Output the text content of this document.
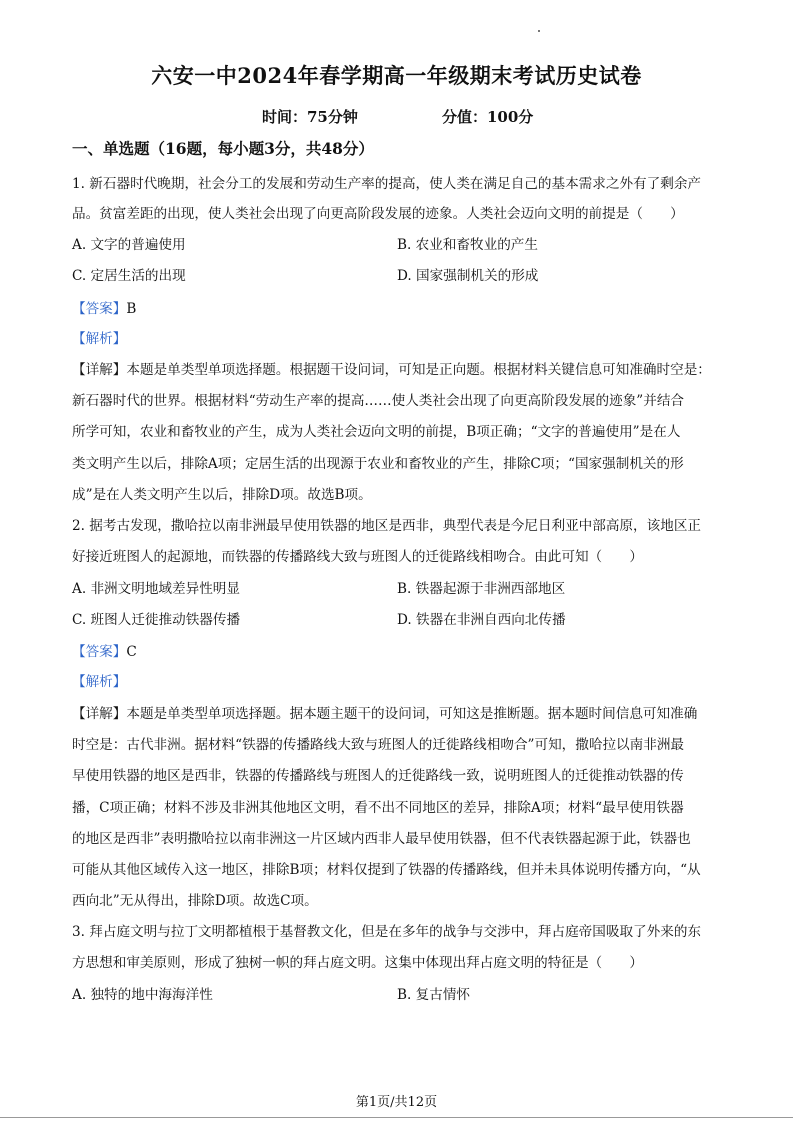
六安一中2024年春学期高一年级期末考试历史试卷
时间：75分钟	分值：100分
一、单选题（16题，每小题3分，共48分）
1. 新石器时代晚期，社会分工的发展和劳动生产率的提高，使人类在满足自己的基本需求之外有了剩余产
品。贫富差距的出现，使人类社会出现了向更高阶段发展的迹象。人类社会迈向文明的前提是（　　）
A. 文字的普遍使用	B. 农业和畜牧业的产生
C. 定居生活的出现	D. 国家强制机关的形成
【答案】B
【解析】
【详解】本题是单类型单项选择题。根据题干设问词，可知是正向题。根据材料关键信息可知准确时空是：
新石器时代的世界。根据材料“劳动生产率的提高……使人类社会出现了向更高阶段发展的迹象”并结合
所学可知，农业和畜牧业的产生，成为人类社会迈向文明的前提，B项正确；“文字的普遍使用”是在人
类文明产生以后，排除A项；定居生活的出现源于农业和畜牧业的产生，排除C项；“国家强制机关的形
成”是在人类文明产生以后，排除D项。故选B项。
2. 据考古发现，撒哈拉以南非洲最早使用铁器的地区是西非，典型代表是今尼日利亚中部高原，该地区正
好接近班图人的起源地，而铁器的传播路线大致与班图人的迁徙路线相吻合。由此可知（　　）
A. 非洲文明地域差异性明显	B. 铁器起源于非洲西部地区
C. 班图人迁徙推动铁器传播	D. 铁器在非洲自西向北传播
【答案】C
【解析】
【详解】本题是单类型单项选择题。据本题主题干的设问词，可知这是推断题。据本题时间信息可知准确
时空是：古代非洲。据材料“铁器的传播路线大致与班图人的迁徙路线相吻合”可知，撒哈拉以南非洲最
早使用铁器的地区是西非，铁器的传播路线与班图人的迁徙路线一致，说明班图人的迁徙推动铁器的传
播，C项正确；材料不涉及非洲其他地区文明，看不出不同地区的差异，排除A项；材料“最早使用铁器
的地区是西非”表明撒哈拉以南非洲这一片区域内西非人最早使用铁器，但不代表铁器起源于此，铁器也
可能从其他区域传入这一地区，排除B项；材料仅提到了铁器的传播路线，但并未具体说明传播方向，“从
西向北”无从得出，排除D项。故选C项。
3. 拜占庭文明与拉丁文明都植根于基督教文化，但是在多年的战争与交涉中，拜占庭帝国吸取了外来的东
方思想和审美原则，形成了独树一帜的拜占庭文明。这集中体现出拜占庭文明的特征是（　　）
A. 独特的地中海海洋性	B. 复古情怀
第1页/共12页
